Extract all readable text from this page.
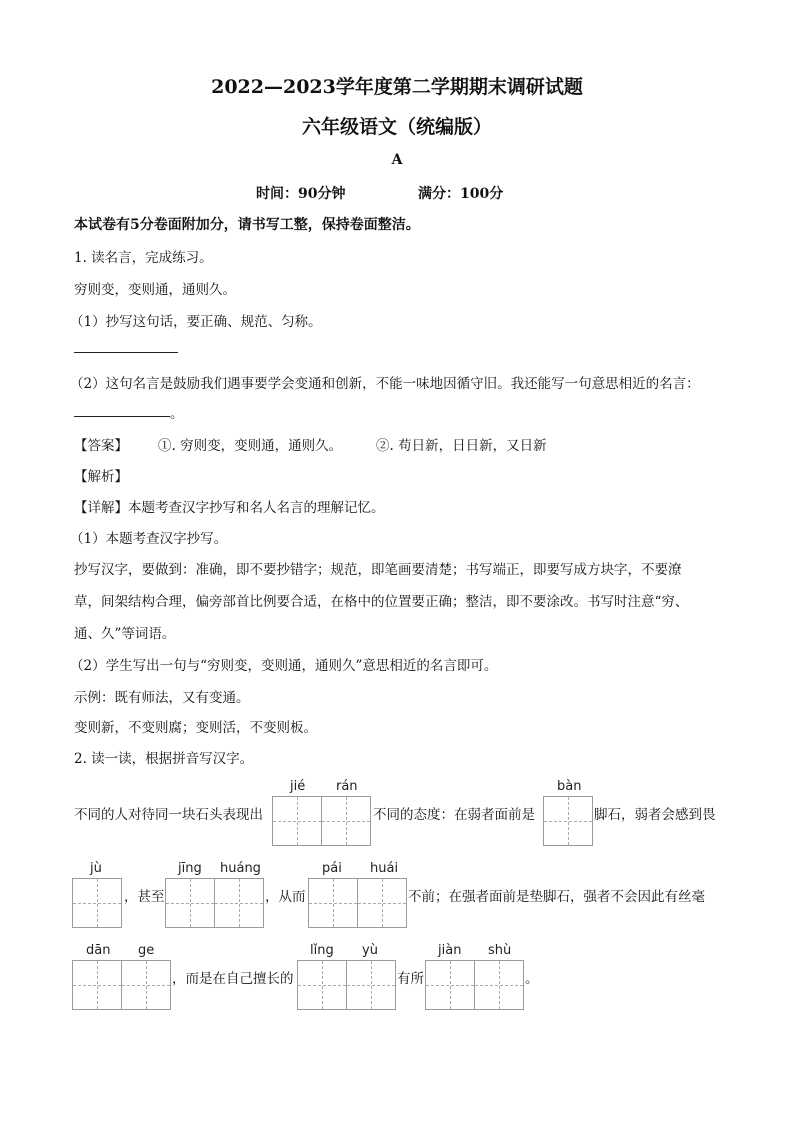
2022—2023学年度第二学期期末调研试题
六年级语文（统编版）
A
时间：90分钟	满分：100分
本试卷有5分卷面附加分，请书写工整，保持卷面整洁。
1. 读名言，完成练习。
穷则变，变则通，通则久。
（1）抄写这句话，要正确、规范、匀称。
（2）这句名言是鼓励我们遇事要学会变通和创新，不能一味地因循守旧。我还能写一句意思相近的名言：
。
【答案】 ①. 穷则变，变则通，通则久。	②. 苟日新，日日新，又日新
【解析】
【详解】本题考查汉字抄写和名人名言的理解记忆。
（1）本题考查汉字抄写。
抄写汉字，要做到：准确，即不要抄错字；规范，即笔画要清楚；书写端正，即要写成方块字，不要潦
草，间架结构合理，偏旁部首比例要合适，在格中的位置要正确；整洁，即不要涂改。书写时注意“穷、
通、久”等词语。
（2）学生写出一句与“穷则变，变则通，通则久”意思相近的名言即可。
示例：既有师法，又有变通。
变则新，不变则腐；变则活，不变则板。
2. 读一读，根据拼音写汉字。
jié rán	bàn
不同的人对待同一块石头表现出	不同的态度：在弱者面前是	脚石，弱者会感到畏
jù	jīng huáng	pái huái
，甚至	，从而	不前；在强者面前是垫脚石，强者不会因此有丝毫
dān ge	lǐng yù	jiàn shù
，而是在自己擅长的	有所	。
